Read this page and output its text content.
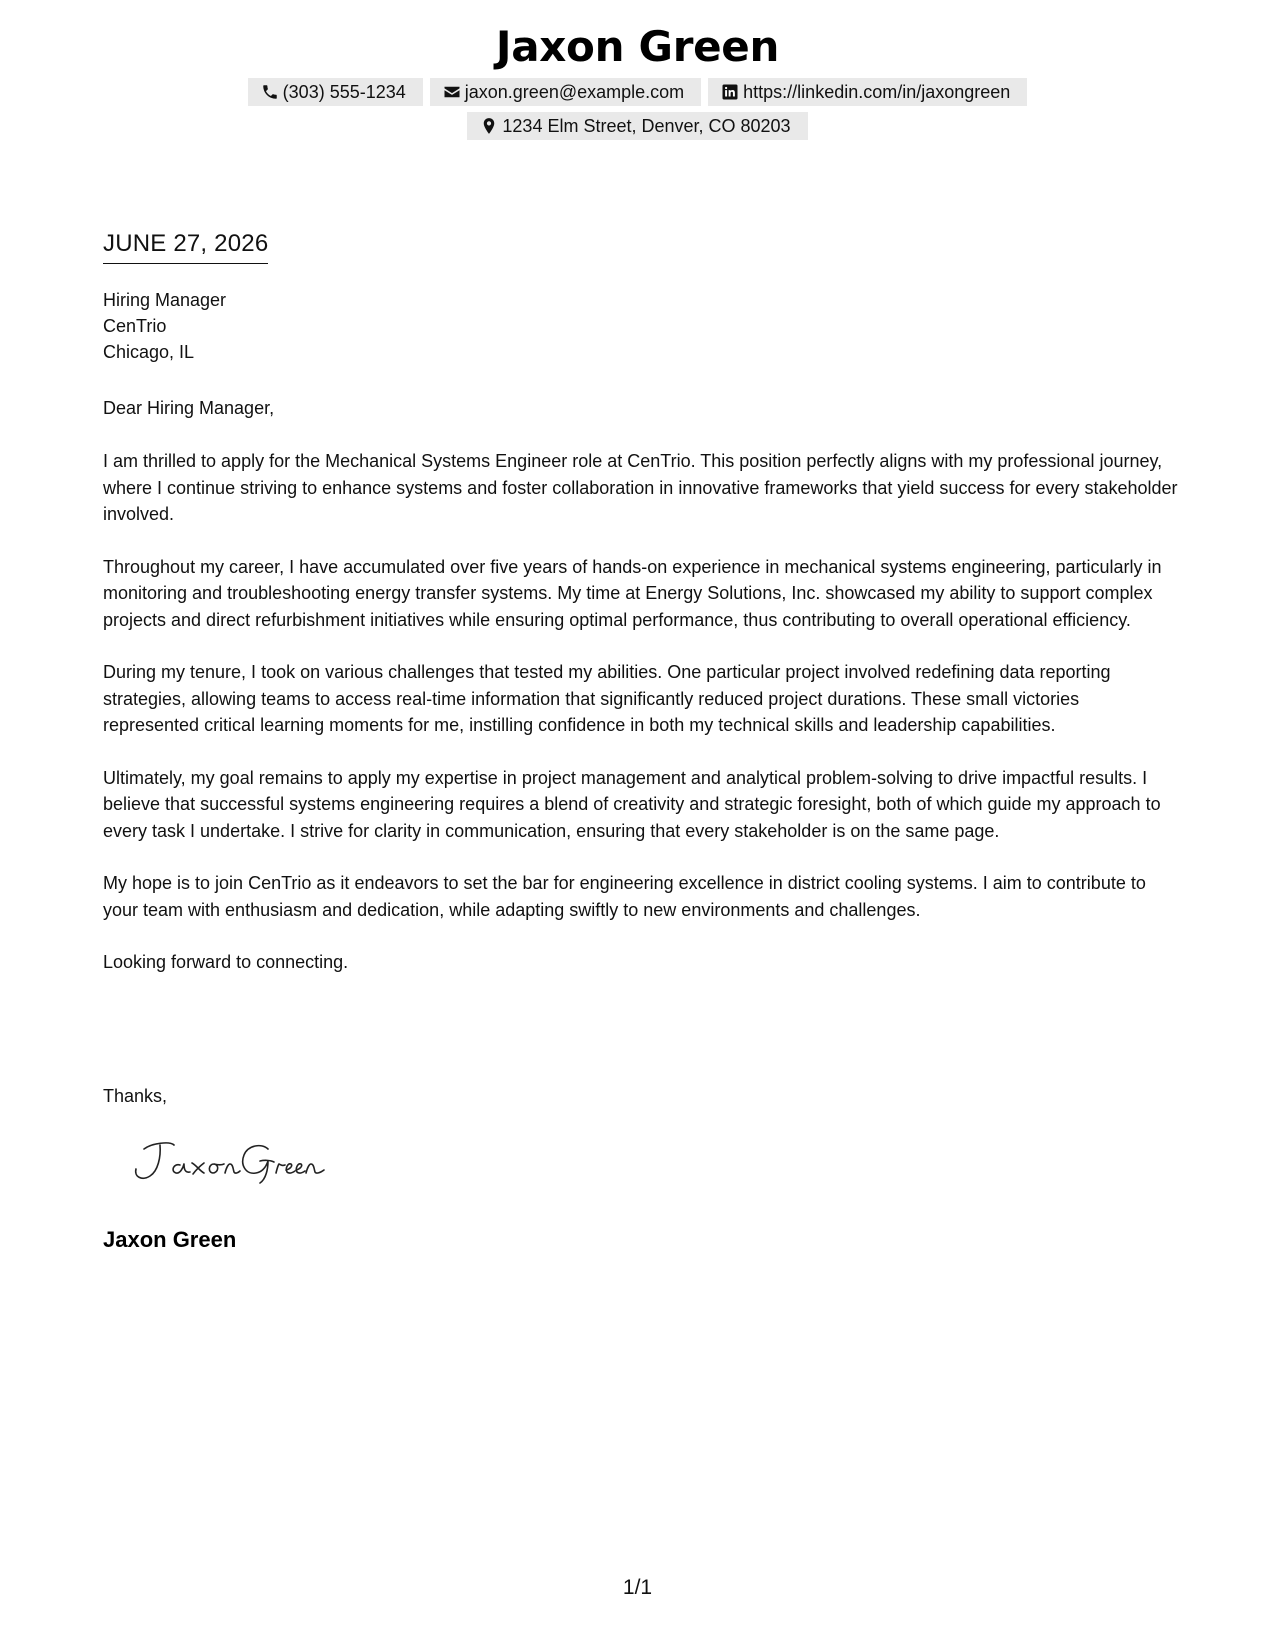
Jaxon Green
(303) 555-1234	jaxon.green@example.com	https://linkedin.com/in/jaxongreen
1234 Elm Street, Denver, CO 80203
JUNE 27, 2026
Hiring Manager
CenTrio
Chicago, IL
Dear Hiring Manager,

I am thrilled to apply for the Mechanical Systems Engineer role at CenTrio. This position perfectly aligns with my professional journey, where I continue striving to enhance systems and foster collaboration in innovative frameworks that yield success for every stakeholder involved.

Throughout my career, I have accumulated over five years of hands-on experience in mechanical systems engineering, particularly in monitoring and troubleshooting energy transfer systems. My time at Energy Solutions, Inc. showcased my ability to support complex projects and direct refurbishment initiatives while ensuring optimal performance, thus contributing to overall operational efficiency.

During my tenure, I took on various challenges that tested my abilities. One particular project involved redefining data reporting strategies, allowing teams to access real-time information that significantly reduced project durations. These small victories represented critical learning moments for me, instilling confidence in both my technical skills and leadership capabilities.

Ultimately, my goal remains to apply my expertise in project management and analytical problem-solving to drive impactful results. I believe that successful systems engineering requires a blend of creativity and strategic foresight, both of which guide my approach to every task I undertake. I strive for clarity in communication, ensuring that every stakeholder is on the same page.

My hope is to join CenTrio as it endeavors to set the bar for engineering excellence in district cooling systems. I aim to contribute to your team with enthusiasm and dedication, while adapting swiftly to new environments and challenges.

Looking forward to connecting.

Thanks,
Jaxon Green
1/1
